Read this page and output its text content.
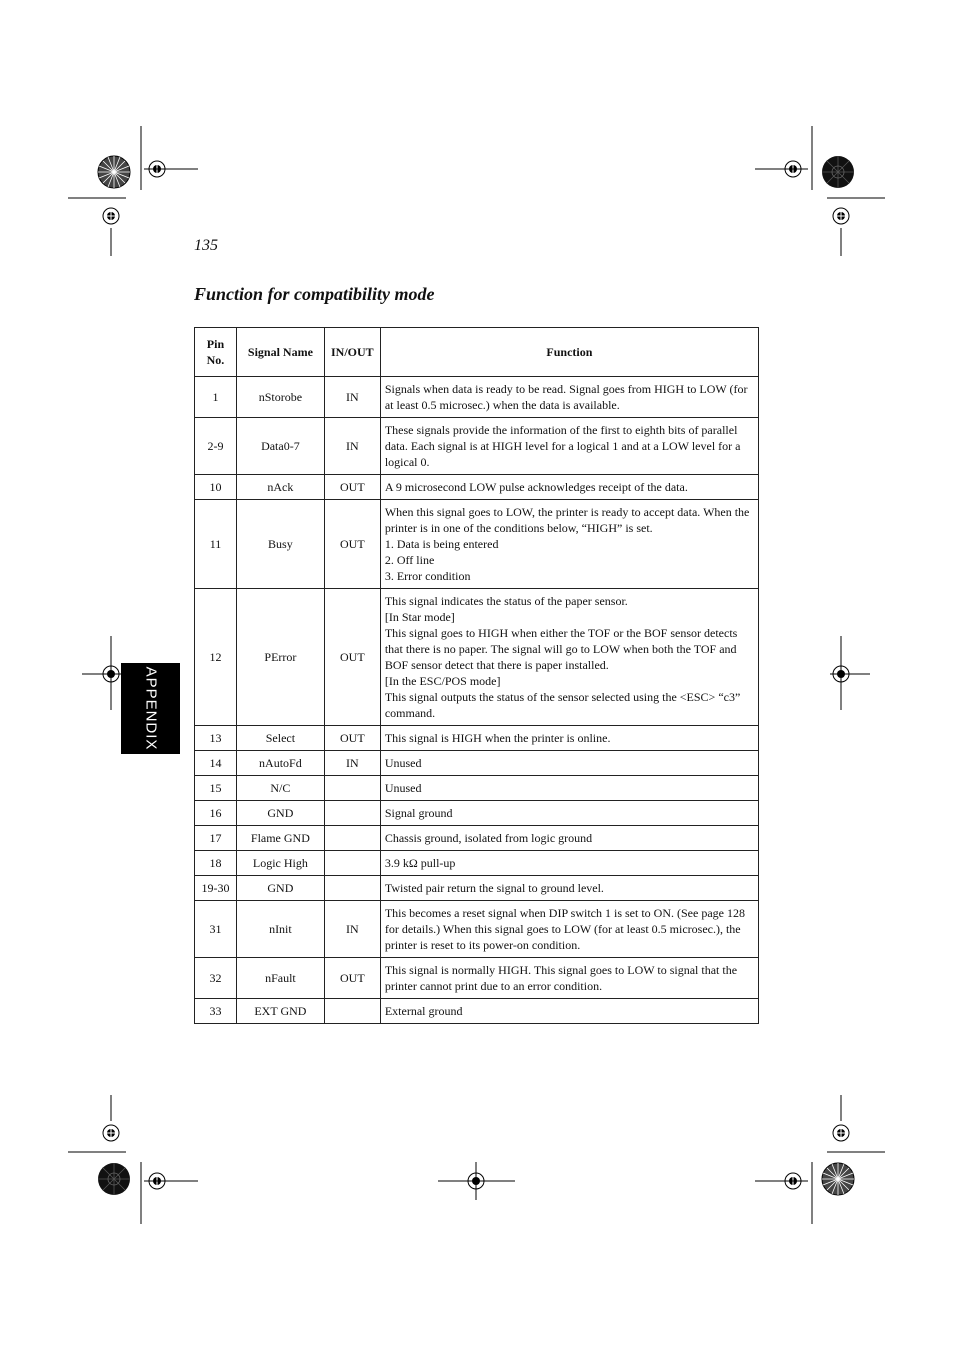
135
Function for compatibility mode
APPENDIX
Pin
No.	Signal Name	IN/OUT	Function
1	nStorobe	IN	Signals when data is ready to be read. Signal goes from HIGH to LOW (for at least 0.5 microsec.) when the data is available.

2-9	Data0-7	IN	These signals provide the information of the first to eighth bits of parallel data. Each signal is at HIGH level for a logical 1 and at a LOW level for a logical 0.

10	nAck	OUT	A 9 microsecond LOW pulse acknowledges receipt of the data.

11	Busy	OUT	When this signal goes to LOW, the printer is ready to accept data. When the printer is in one of the conditions below, “HIGH” is set.
1. Data is being entered
2. Off line
3. Error condition

12	PError	OUT	This signal indicates the status of the paper sensor.
[In Star mode]
This signal goes to HIGH when either the TOF or the BOF sensor detects that there is no paper. The signal will go to LOW when both the TOF and BOF sensor detect that there is paper installed.
[In the ESC/POS mode]
This signal outputs the status of the sensor selected using the <ESC> “c3” command.

13	Select	OUT	This signal is HIGH when the printer is online.

14	nAutoFd	IN	Unused

15	N/C		Unused

16	GND		Signal ground

17	Flame GND		Chassis ground, isolated from logic ground

18	Logic High		3.9 kΩ pull-up

19-30	GND		Twisted pair return the signal to ground level.

31	nInit	IN	This becomes a reset signal when DIP switch 1 is set to ON. (See page 128 for details.) When this signal goes to LOW (for at least 0.5 microsec.), the printer is reset to its power-on condition.

32	nFault	OUT	This signal is normally HIGH. This signal goes to LOW to signal that the printer cannot print due to an error condition.

33	EXT GND		External ground
